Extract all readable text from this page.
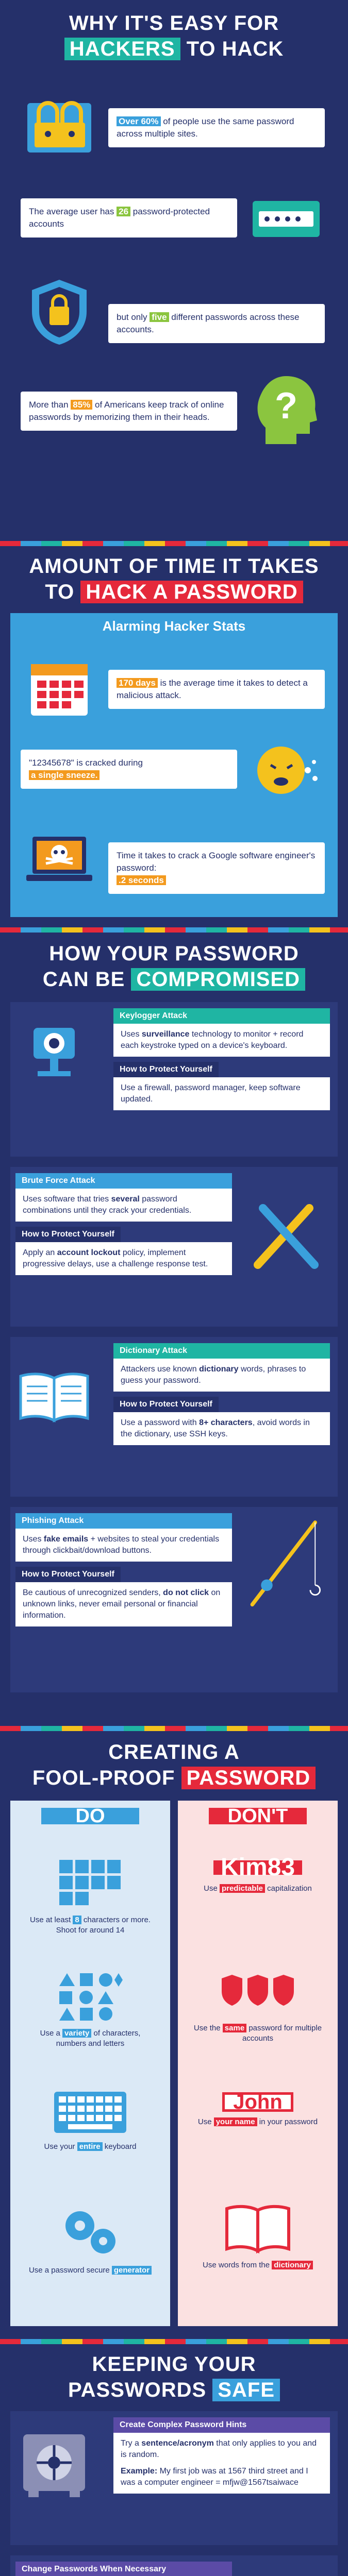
WHY IT'S EASY FOR
HACKERS TO HACK
Over 60% of people use the same password across multiple sites.
The average user has 26 password-protected accounts
but only five different passwords across these accounts.
More than 85% of Americans keep track of online passwords by memorizing them in their heads.	?
AMOUNT OF TIME IT TAKES
TO HACK A PASSWORD
Alarming Hacker Stats
170 days is the average time it takes to detect a malicious attack.
"12345678" is cracked during
a single sneeze.
Time it takes to crack a Google software engineer's password:
.2 seconds
HOW YOUR PASSWORD
CAN BE COMPROMISED
Keylogger Attack
Uses surveillance technology to monitor + record each keystroke typed on a device's keyboard.
How to Protect Yourself
Use a firewall, password manager, keep software updated.
Brute Force Attack
Uses software that tries several password combinations until they crack your credentials.
How to Protect Yourself
Apply an account lockout policy, implement progressive delays, use a challenge response test.
Dictionary Attack
Attackers use known dictionary words, phrases to guess your password.
How to Protect Yourself
Use a password with 8+ characters, avoid words in the dictionary, use SSH keys.
Phishing Attack
Uses fake emails + websites to steal your credentials through clickbait/download buttons.
How to Protect Yourself
Be cautious of unrecognized senders, do not click on unknown links, never email personal or financial information.
CREATING A
FOOL-PROOF PASSWORD
DO
Use at least 8 characters or more. Shoot for around 14
Use a variety of characters, numbers and letters
Use your entire keyboard
Use a password secure generator
DON'T
Kim83
Use predictable capitalization
Use the same password for multiple accounts
John
Use your name in your password
Use words from the dictionary
KEEPING YOUR
PASSWORDS SAFE
Create Complex Password Hints
Try a sentence/acronym that only applies to you and is random.
Example: My first job was at 1567 third street and I was a computer engineer = mfjw@1567tsaiwace
Change Passwords When Necessary
